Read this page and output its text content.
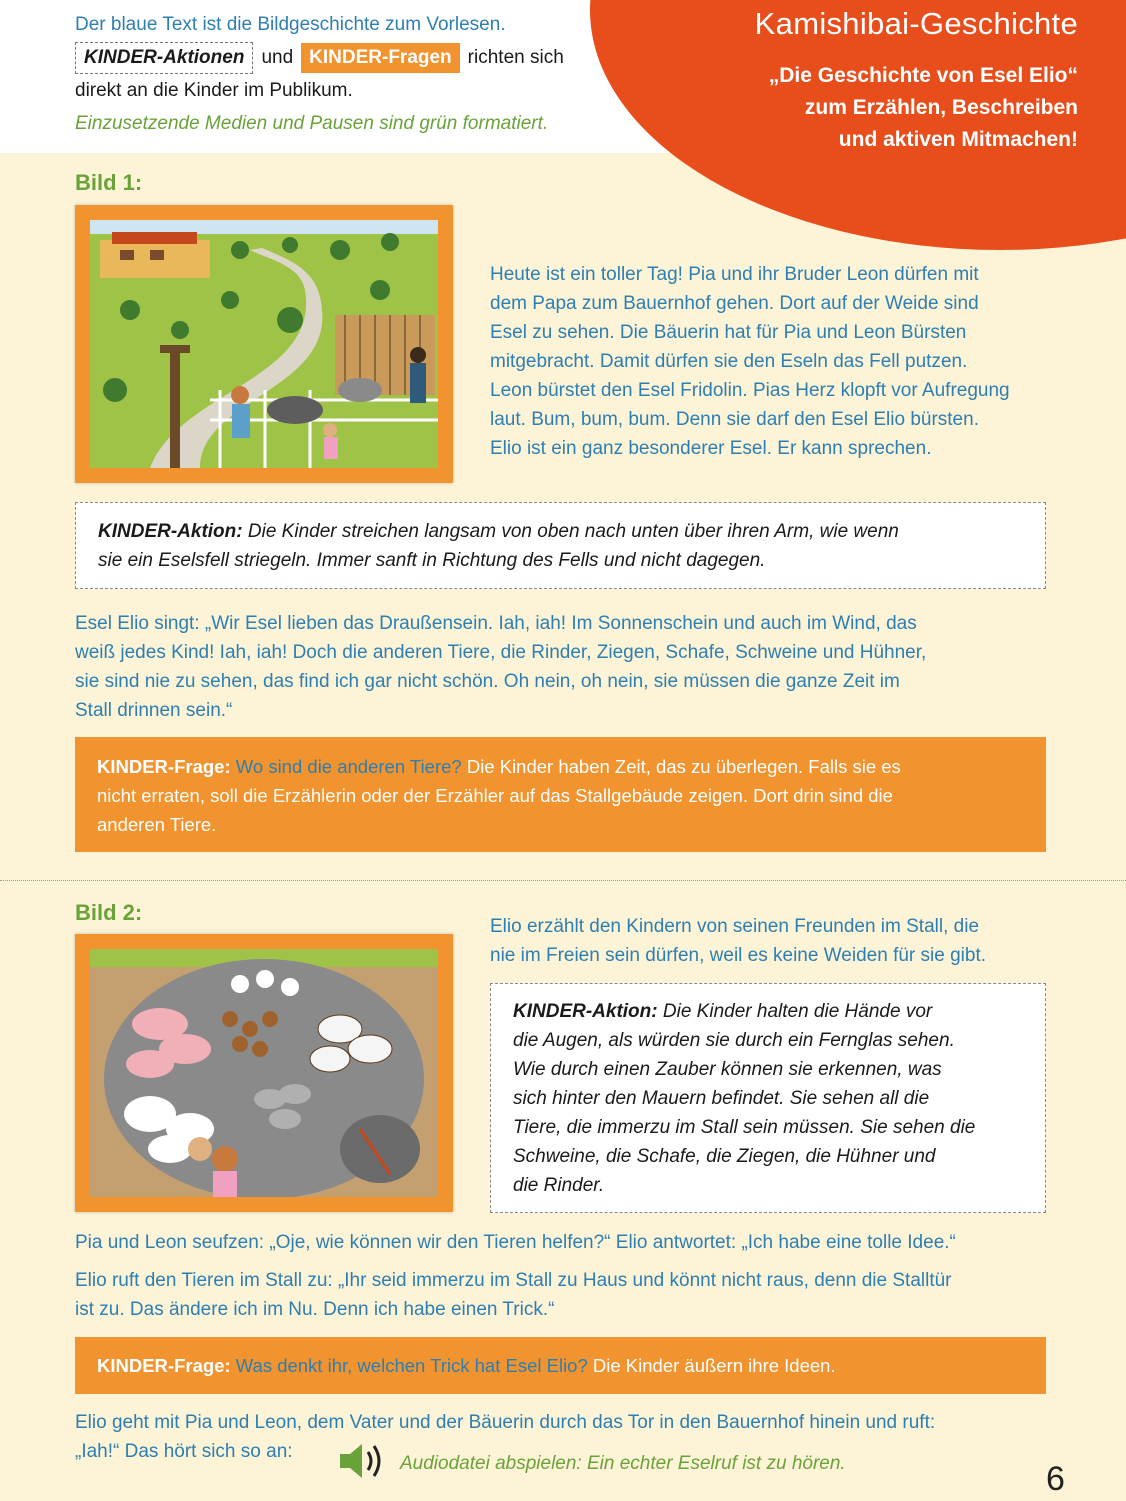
Der blaue Text ist die Bildgeschichte zum Vorlesen.
KINDER-Aktionen und KINDER-Fragen richten sich
direkt an die Kinder im Publikum.
Einzusetzende Medien und Pausen sind grün formatiert.
Kamishibai-Geschichte
„Die Geschichte von Esel Elio“
zum Erzählen, Beschreiben
und aktiven Mitmachen!
Bild 1:
Heute ist ein toller Tag! Pia und ihr Bruder Leon dürfen mit
dem Papa zum Bauernhof gehen. Dort auf der Weide sind
Esel zu sehen. Die Bäuerin hat für Pia und Leon Bürsten
mitgebracht. Damit dürfen sie den Eseln das Fell putzen.
Leon bürstet den Esel Fridolin. Pias Herz klopft vor Aufregung
laut. Bum, bum, bum. Denn sie darf den Esel Elio bürsten.
Elio ist ein ganz besonderer Esel. Er kann sprechen.
KINDER-Aktion: Die Kinder streichen langsam von oben nach unten über ihren Arm, wie wenn
sie ein Eselsfell striegeln. Immer sanft in Richtung des Fells und nicht dagegen.
Esel Elio singt: „Wir Esel lieben das Draußensein. Iah, iah! Im Sonnenschein und auch im Wind, das
weiß jedes Kind! Iah, iah! Doch die anderen Tiere, die Rinder, Ziegen, Schafe, Schweine und Hühner,
sie sind nie zu sehen, das find ich gar nicht schön. Oh nein, oh nein, sie müssen die ganze Zeit im
Stall drinnen sein.“
KINDER-Frage: Wo sind die anderen Tiere? Die Kinder haben Zeit, das zu überlegen. Falls sie es
nicht erraten, soll die Erzählerin oder der Erzähler auf das Stallgebäude zeigen. Dort drin sind die
anderen Tiere.
Bild 2:
Elio erzählt den Kindern von seinen Freunden im Stall, die
nie im Freien sein dürfen, weil es keine Weiden für sie gibt.
KINDER-Aktion: Die Kinder halten die Hände vor
die Augen, als würden sie durch ein Fernglas sehen.
Wie durch einen Zauber können sie erkennen, was
sich hinter den Mauern befindet. Sie sehen all die
Tiere, die immerzu im Stall sein müssen. Sie sehen die
Schweine, die Schafe, die Ziegen, die Hühner und
die Rinder.
Pia und Leon seufzen: „Oje, wie können wir den Tieren helfen?“ Elio antwortet: „Ich habe eine tolle Idee.“
Elio ruft den Tieren im Stall zu: „Ihr seid immerzu im Stall zu Haus und könnt nicht raus, denn die Stalltür
ist zu. Das ändere ich im Nu. Denn ich habe einen Trick.“
KINDER-Frage: Was denkt ihr, welchen Trick hat Esel Elio? Die Kinder äußern ihre Ideen.
Elio geht mit Pia und Leon, dem Vater und der Bäuerin durch das Tor in den Bauernhof hinein und ruft:
„Iah!“ Das hört sich so an:
Audiodatei abspielen: Ein echter Eselruf ist zu hören.	6
